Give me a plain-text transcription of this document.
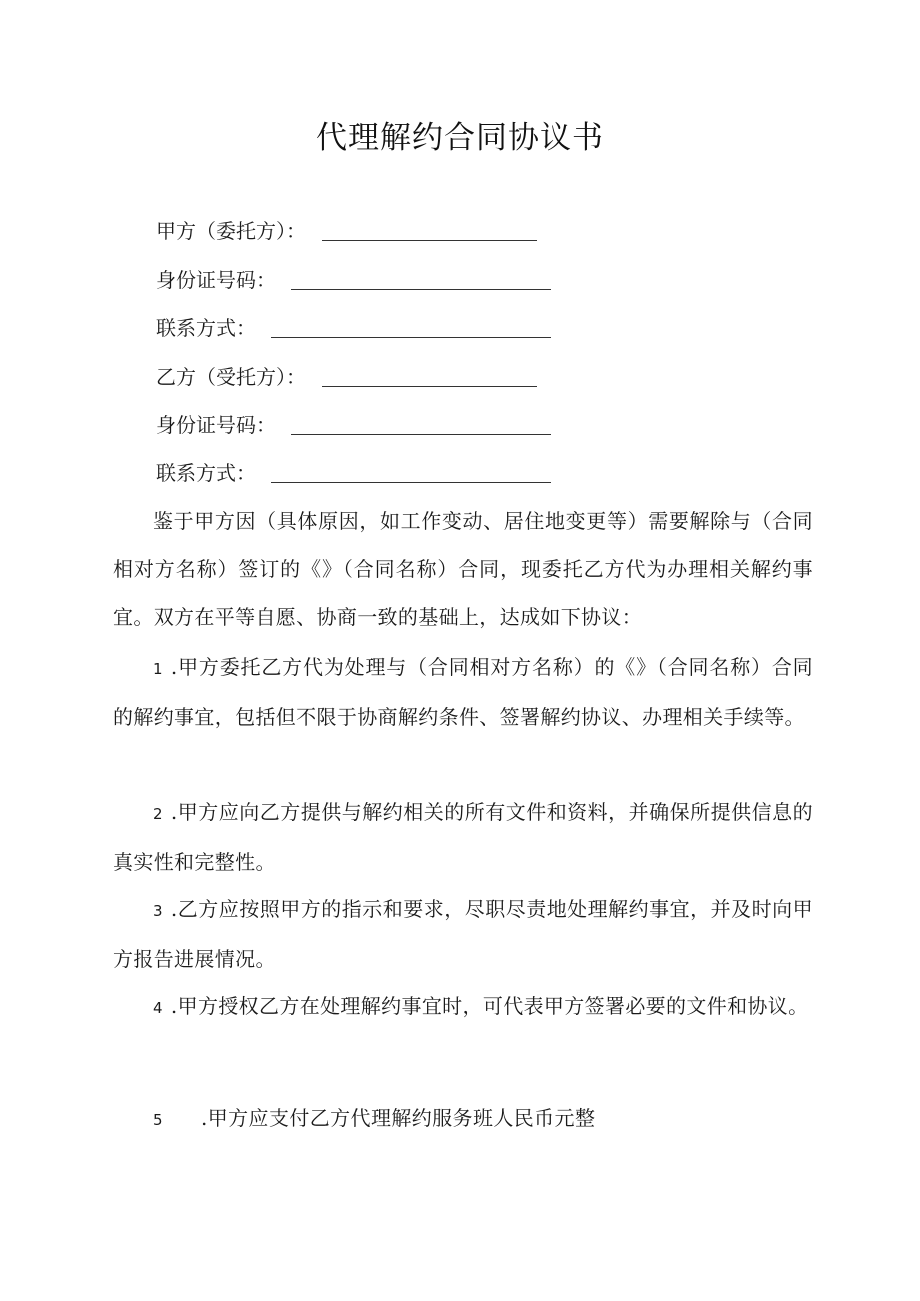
代理解约合同协议书
甲方（委托方）：
身份证号码：
联系方式：
乙方（受托方）：
身份证号码：
联系方式：
鉴于甲方因（具体原因，如工作变动、居住地变更等）需要解除与（合同相对方名称）签订的《》（合同名称）合同，现委托乙方代为办理相关解约事宜。双方在平等自愿、协商一致的基础上，达成如下协议：
1 .甲方委托乙方代为处理与（合同相对方名称）的《》（合同名称）合同的解约事宜，包括但不限于协商解约条件、签署解约协议、办理相关手续等。
2 .甲方应向乙方提供与解约相关的所有文件和资料，并确保所提供信息的真实性和完整性。
3 .乙方应按照甲方的指示和要求，尽职尽责地处理解约事宜，并及时向甲方报告进展情况。
4 .甲方授权乙方在处理解约事宜时，可代表甲方签署必要的文件和协议。
5 .甲方应支付乙方代理解约服务班人民币元整
